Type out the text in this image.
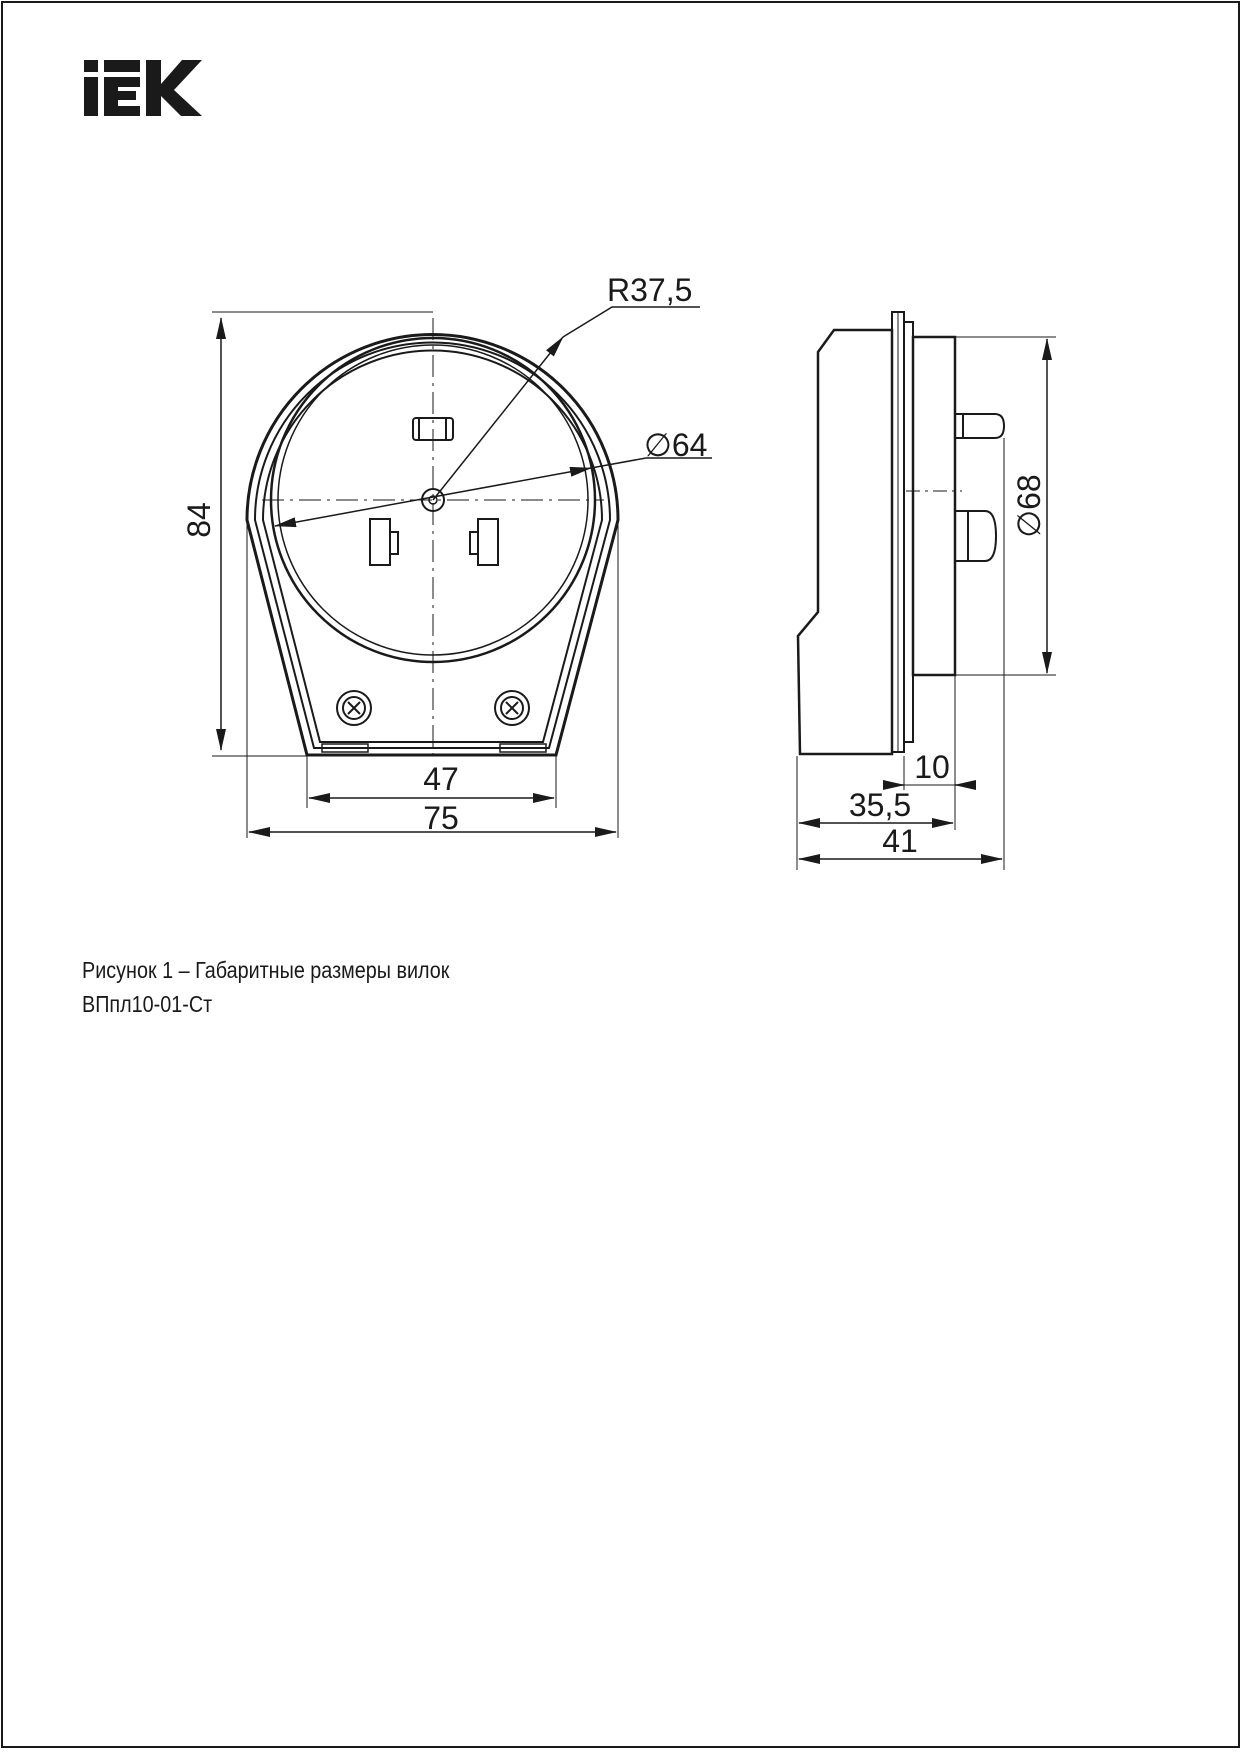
84
R37,5
∅64
47
75
∅68
10
35,5
41
Рисунок 1 – Габаритные размеры вилок
ВПпл10-01-Ст
